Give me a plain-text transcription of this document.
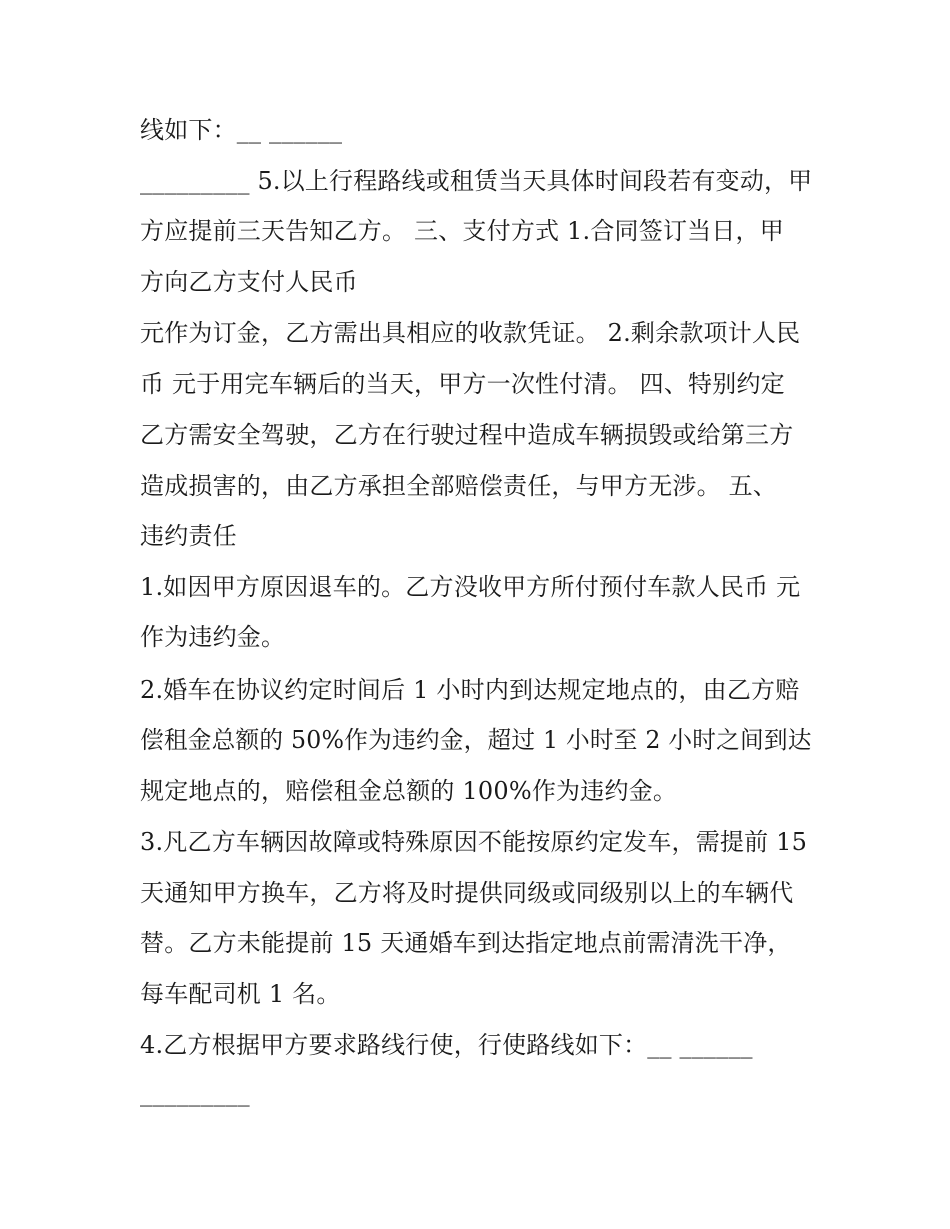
线如下：__ ______
_________ 5.以上行程路线或租赁当天具体时间段若有变动，甲
方应提前三天告知乙方。 三、支付方式 1.合同签订当日，甲
方向乙方支付人民币
元作为订金，乙方需出具相应的收款凭证。 2.剩余款项计人民
币 元于用完车辆后的当天，甲方一次性付清。 四、特别约定
乙方需安全驾驶，乙方在行驶过程中造成车辆损毁或给第三方
造成损害的，由乙方承担全部赔偿责任，与甲方无涉。 五、
违约责任
1.如因甲方原因退车的。乙方没收甲方所付预付车款人民币 元
作为违约金。
2.婚车在协议约定时间后 1 小时内到达规定地点的，由乙方赔
偿租金总额的 50%作为违约金，超过 1 小时至 2 小时之间到达
规定地点的，赔偿租金总额的 100%作为违约金。
3.凡乙方车辆因故障或特殊原因不能按原约定发车，需提前 15
天通知甲方换车，乙方将及时提供同级或同级别以上的车辆代
替。乙方未能提前 15 天通婚车到达指定地点前需清洗干净，
每车配司机 1 名。
4.乙方根据甲方要求路线行使，行使路线如下：__ ______
_________
